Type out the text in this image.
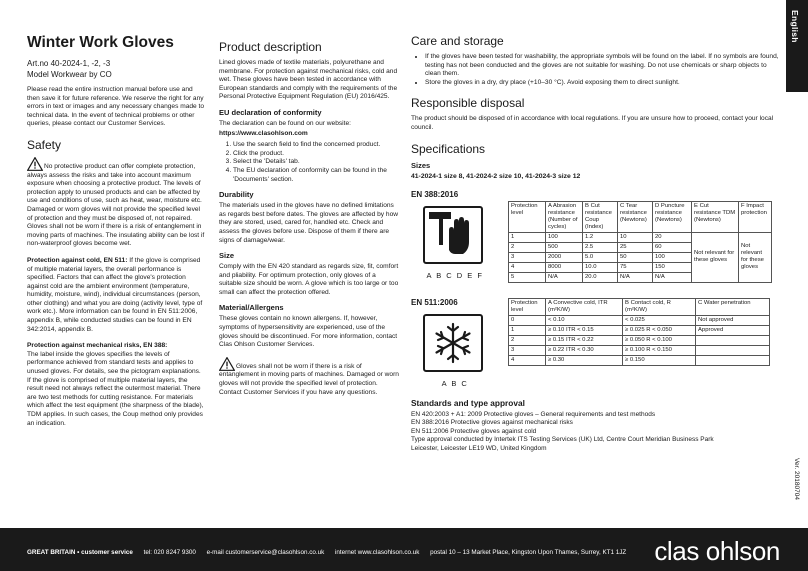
English
Ver. 20180704
Winter Work Gloves
Art.no 40-2024-1, -2, -3
Model Workwear by CO

Please read the entire instruction manual before use and then save it for future reference. We reserve the right for any errors in text or images and any necessary changes made to technical data. In the event of technical problems or other queries, please contact our Customer Services.

Safety

No protective product can offer complete protection, always assess the risks and take into account maximum exposure when choosing a protective product. The levels of protection apply to unused products and can be affected by use and conditions of use, such as heat, wear, moisture etc. Damaged or worn gloves will not provide the specified level of protection and they must be disposed of, not repaired. Gloves shall not be worn if there is a risk of entanglement in moving parts of machines. The insulating ability can be lost if non-waterproof gloves become wet.

Protection against cold, EN 511: If the glove is comprised of multiple material layers, the overall performance is specified. Factors that can affect the glove's protection against cold are the ambient environment (temperature, humidity, moisture, wind), individual circumstances (person, other clothing) and what you are doing (activity level, type of work etc.). More information can be found in EN 511:2006, appendix B, while conducted studies can be found in EN 342:2014, appendix B.

Protection against mechanical risks, EN 388:
The label inside the gloves specifies the levels of performance achieved from standard tests and applies to unused gloves. For details, see the pictogram explanations. If the glove is comprised of multiple material layers, the result need not always reflect the outermost material. There are two test methods for cutting resistance. For materials which affect the test equipment (the sharpness of the blade), TDM applies. In such cases, the Coup method only provides an indication.

Product description

Lined gloves made of textile materials, polyurethane and membrane. For protection against mechanical risks, cold and wet. These gloves have been tested in accordance with European standards and comply with the requirements of the Personal Protective Equipment Regulation (EU) 2016/425.

EU declaration of conformity

The declaration can be found on our website:

https://www.clasohlson.com

1. Use the search field to find the concerned product.
2. Click the product.
3. Select the 'Details' tab.
4. The EU declaration of conformity can be found in the 'Documents' section.
Durability

The materials used in the gloves have no defined limitations as regards best before dates. The gloves are affected by how they are stored, used, cared for, handled etc. Check and assess the gloves before use. Dispose of them if there are signs of damage/wear.

Size

Comply with the EN 420 standard as regards size, fit, comfort and pliability. For optimum protection, only gloves of a suitable size should be worn. A glove which is too large or too small can affect the protection offered.

Material/Allergens

These gloves contain no known allergens. If, however, symptoms of hypersensitivity are experienced, use of the gloves should be discontinued. For more information, contact Clas Ohlson Customer Services.

Gloves shall not be worn if there is a risk of entanglement in moving parts of machines. Damaged or worn gloves will not provide the specified level of protection. Contact Customer Services if you have any questions.

Care and storage
• If the gloves have been tested for washability, the appropriate symbols will be found on the label. If no symbols are found, testing has not been conducted and the gloves are not suitable for washing. Do not use chemicals or sharp objects to clean them.
• Store the gloves in a dry, dry place (+10–30 °C). Avoid exposing them to direct sunlight.
Responsible disposal

The product should be disposed of in accordance with local regulations. If you are unsure how to proceed, contact your local council.

Specifications
Sizes
41-2024-1 size 8, 41-2024-2 size 10, 41-2024-3 size 12
EN 388:2016
A B C D E F
Protection level	A Abrasion resistance (Number of cycles)	B Cut resistance Coup (Index)	C Tear resistance (Newtons)	D Puncture resistance (Newtons)	E Cut resistance TDM (Newtons)	F Impact protection
1	100	1.2	10	20	Not relevant for these gloves	Not relevant for these gloves
2	500	2.5	25	60		
3	2000	5.0	50	100		
4	8000	10.0	75	150		
5	N/A	20.0	N/A	N/A		
EN 511:2006
A B C
Protection level	A Convective cold, ITR (m²K/W)	B Contact cold, R (m²K/W)	C Water penetration
0	< 0.10	< 0.025	Not approved
1	≥ 0.10 ITR < 0.15	≥ 0.025 R < 0.050	Approved
2	≥ 0.15 ITR < 0.22	≥ 0.050 R < 0.100	
3	≥ 0.22 ITR < 0.30	≥ 0.100 R < 0.150	
4	≥ 0.30	≥ 0.150	
Standards and type approval

EN 420:2003 + A1: 2009 Protective gloves – General requirements and test methods

EN 388:2016 Protective gloves against mechanical risks

EN 511:2006 Protective gloves against cold

Type approval conducted by Intertek ITS Testing Services (UK) Ltd, Centre Court Meridian Business Park

Leicester, Leicester LE19 WD, United Kingdom

GREAT BRITAIN • customer service tel: 020 8247 9300 e-mail customerservice@clasohlson.co.uk internet www.clasohlson.co.uk postal 10 – 13 Market Place, Kingston Upon Thames, Surrey, KT1 1JZ	clas ohlson
